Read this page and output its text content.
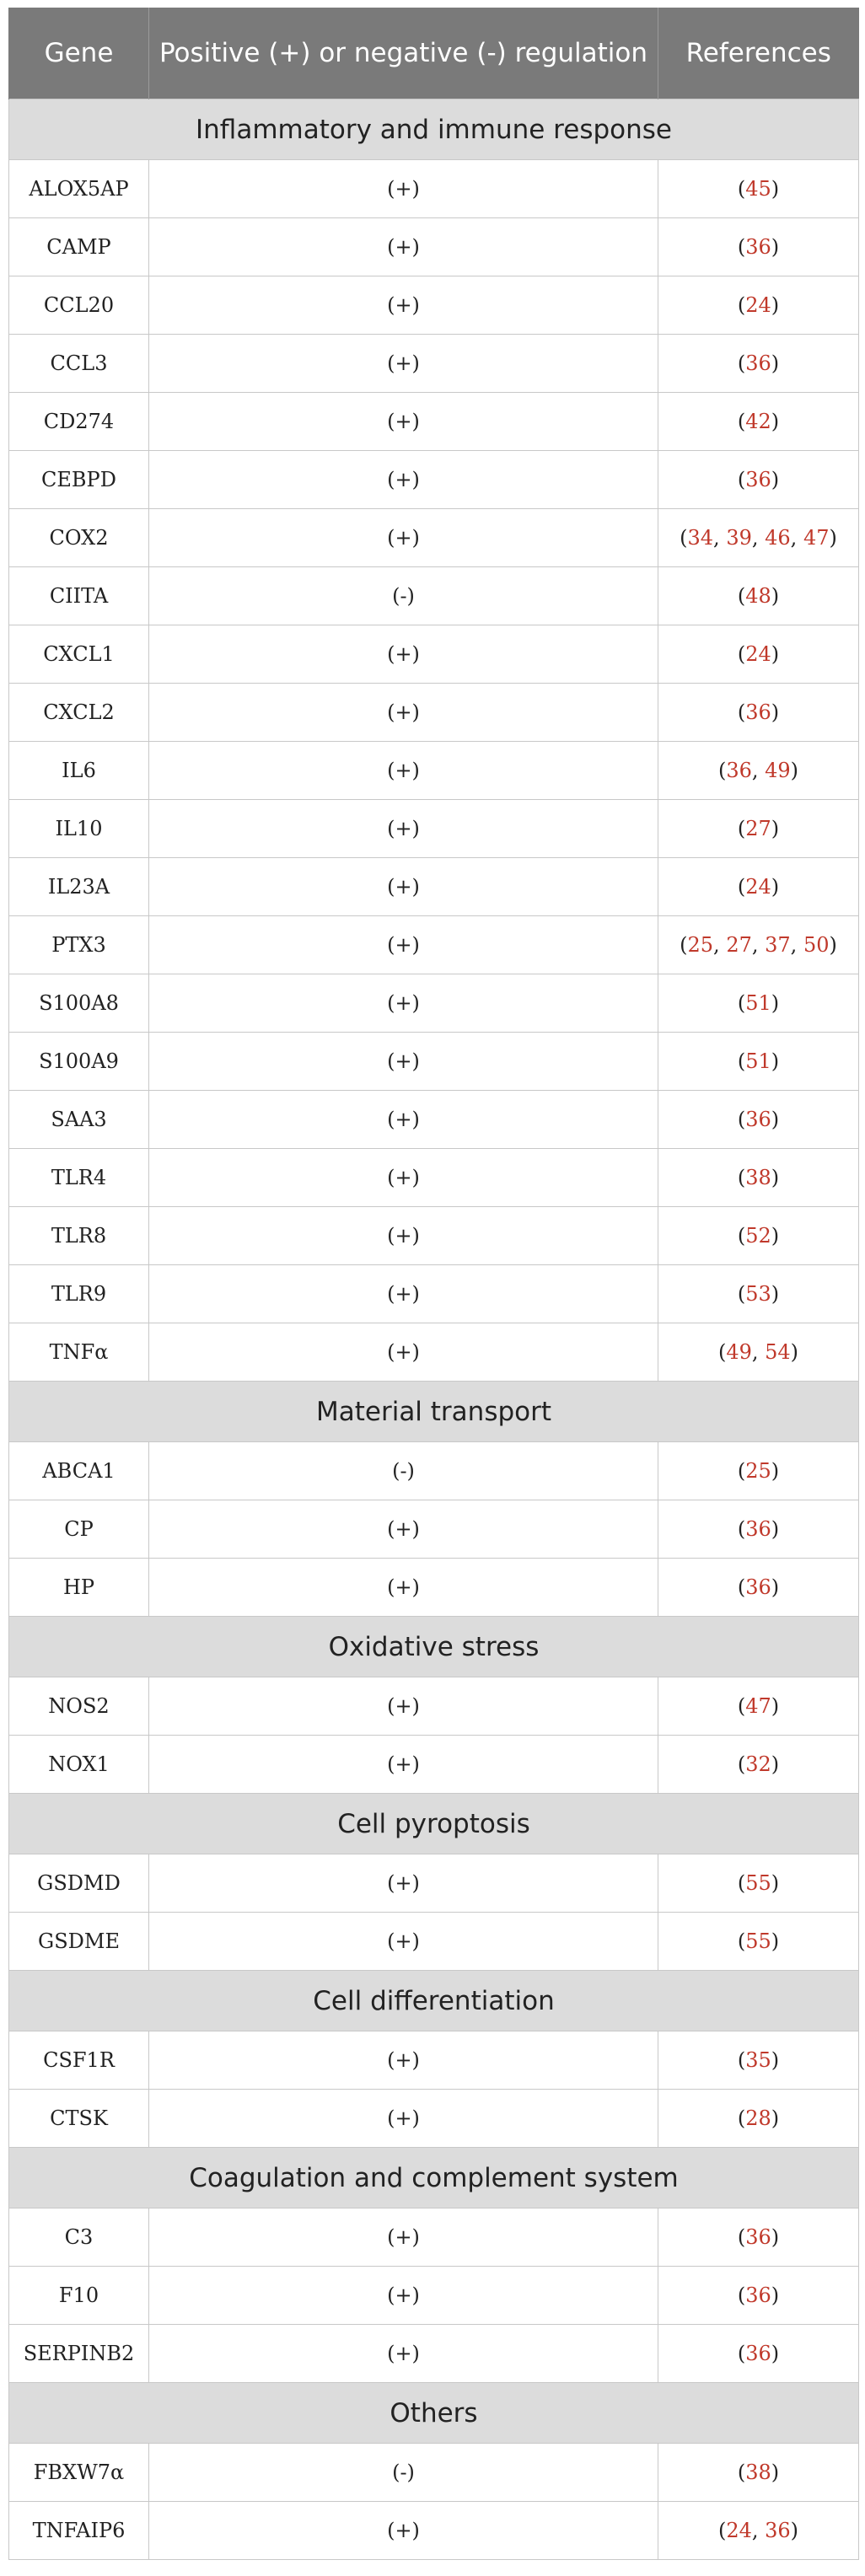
Gene	Positive (+) or negative (-) regulation	References
Inflammatory and immune response		
ALOX5AP	(+)	(45)
CAMP	(+)	(36)
CCL20	(+)	(24)
CCL3	(+)	(36)
CD274	(+)	(42)
CEBPD	(+)	(36)
COX2	(+)	(34, 39, 46, 47)
CIITA	(-)	(48)
CXCL1	(+)	(24)
CXCL2	(+)	(36)
IL6	(+)	(36, 49)
IL10	(+)	(27)
IL23A	(+)	(24)
PTX3	(+)	(25, 27, 37, 50)
S100A8	(+)	(51)
S100A9	(+)	(51)
SAA3	(+)	(36)
TLR4	(+)	(38)
TLR8	(+)	(52)
TLR9	(+)	(53)
TNFα	(+)	(49, 54)
Material transport		
ABCA1	(-)	(25)
CP	(+)	(36)
HP	(+)	(36)
Oxidative stress		
NOS2	(+)	(47)
NOX1	(+)	(32)
Cell pyroptosis		
GSDMD	(+)	(55)
GSDME	(+)	(55)
Cell differentiation		
CSF1R	(+)	(35)
CTSK	(+)	(28)
Coagulation and complement system		
C3	(+)	(36)
F10	(+)	(36)
SERPINB2	(+)	(36)
Others		
FBXW7α	(-)	(38)
TNFAIP6	(+)	(24, 36)
